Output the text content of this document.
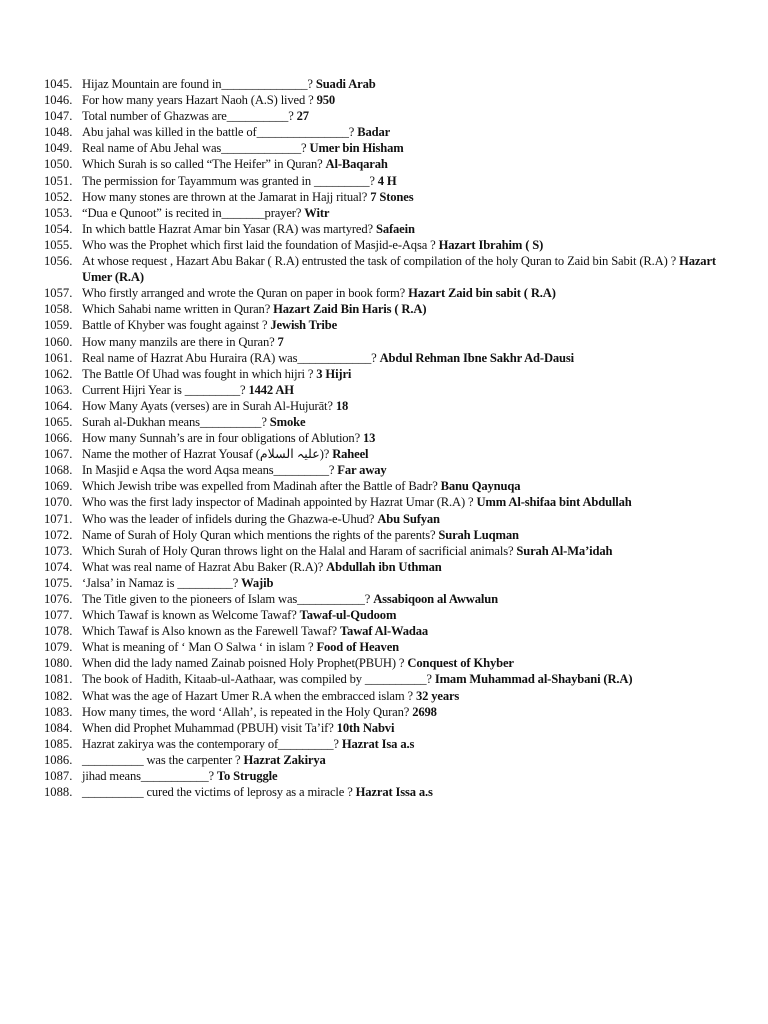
1045. Hijaz Mountain are found in______________? Suadi Arab
1046. For how many years Hazart Naoh (A.S) lived ? 950
1047. Total number of Ghazwas are__________? 27
1048. Abu jahal was killed in the battle of_______________? Badar
1049. Real name of Abu Jehal was_____________? Umer bin Hisham
1050. Which Surah is so called “The Heifer” in Quran? Al-Baqarah
1051. The permission for Tayammum was granted in _________? 4 H
1052. How many stones are thrown at the Jamarat in Hajj ritual? 7 Stones
1053. “Dua e Qunoot” is recited in_______prayer? Witr
1054. In which battle Hazrat Amar bin Yasar (RA) was martyred? Safaein
1055. Who was the Prophet which first laid the foundation of Masjid-e-Aqsa ? Hazart Ibrahim ( S)
1056. At whose request , Hazart Abu Bakar ( R.A) entrusted the task of compilation of the holy Quran to Zaid bin Sabit (R.A) ? Hazart Umer (R.A)
1057. Who firstly arranged and wrote the Quran on paper in book form? Hazart Zaid bin sabit ( R.A)
1058. Which Sahabi name written in Quran? Hazart Zaid Bin Haris ( R.A)
1059. Battle of Khyber was fought against ? Jewish Tribe
1060. How many manzils are there in Quran? 7
1061. Real name of Hazrat Abu Huraira (RA) was____________? Abdul Rehman Ibne Sakhr Ad-Dausi
1062. The Battle Of Uhad was fought in which hijri ? 3 Hijri
1063. Current Hijri Year is _________? 1442 AH
1064. How Many Ayats (verses) are in Surah Al-Hujurāt? 18
1065. Surah al-Dukhan means__________? Smoke
1066. How many Sunnah’s are in four obligations of Ablution? 13
1067. Name the mother of Hazrat Yousaf (علیہ السلام)? Raheel
1068. In Masjid e Aqsa the word Aqsa means_________? Far away
1069. Which Jewish tribe was expelled from Madinah after the Battle of Badr? Banu Qaynuqa
1070. Who was the first lady inspector of Madinah appointed by Hazrat Umar (R.A) ? Umm Al-shifaa bint Abdullah
1071. Who was the leader of infidels during the Ghazwa-e-Uhud? Abu Sufyan
1072. Name of Surah of Holy Quran which mentions the rights of the parents? Surah Luqman
1073. Which Surah of Holy Quran throws light on the Halal and Haram of sacrificial animals? Surah Al-Ma’idah
1074. What was real name of Hazrat Abu Baker (R.A)? Abdullah ibn Uthman
1075. ‘Jalsa’ in Namaz is _________? Wajib
1076. The Title given to the pioneers of Islam was___________? Assabiqoon al Awwalun
1077. Which Tawaf is known as Welcome Tawaf? Tawaf-ul-Qudoom
1078. Which Tawaf is Also known as the Farewell Tawaf? Tawaf Al-Wadaa
1079. What is meaning of ‘ Man O Salwa ‘ in islam ? Food of Heaven
1080. When did the lady named Zainab poisned Holy Prophet(PBUH) ? Conquest of Khyber
1081. The book of Hadith, Kitaab-ul-Aathaar, was compiled by __________? Imam Muhammad al-Shaybani (R.A)
1082. What was the age of Hazart Umer R.A when the embracced islam ? 32 years
1083. How many times, the word ‘Allah’, is repeated in the Holy Quran? 2698
1084. When did Prophet Muhammad (PBUH) visit Ta’if? 10th Nabvi
1085. Hazrat zakirya was the contemporary of_________? Hazrat Isa a.s
1086. __________ was the carpenter ? Hazrat Zakirya
1087. jihad means___________? To Struggle
1088. __________ cured the victims of leprosy as a miracle ? Hazrat Issa a.s
